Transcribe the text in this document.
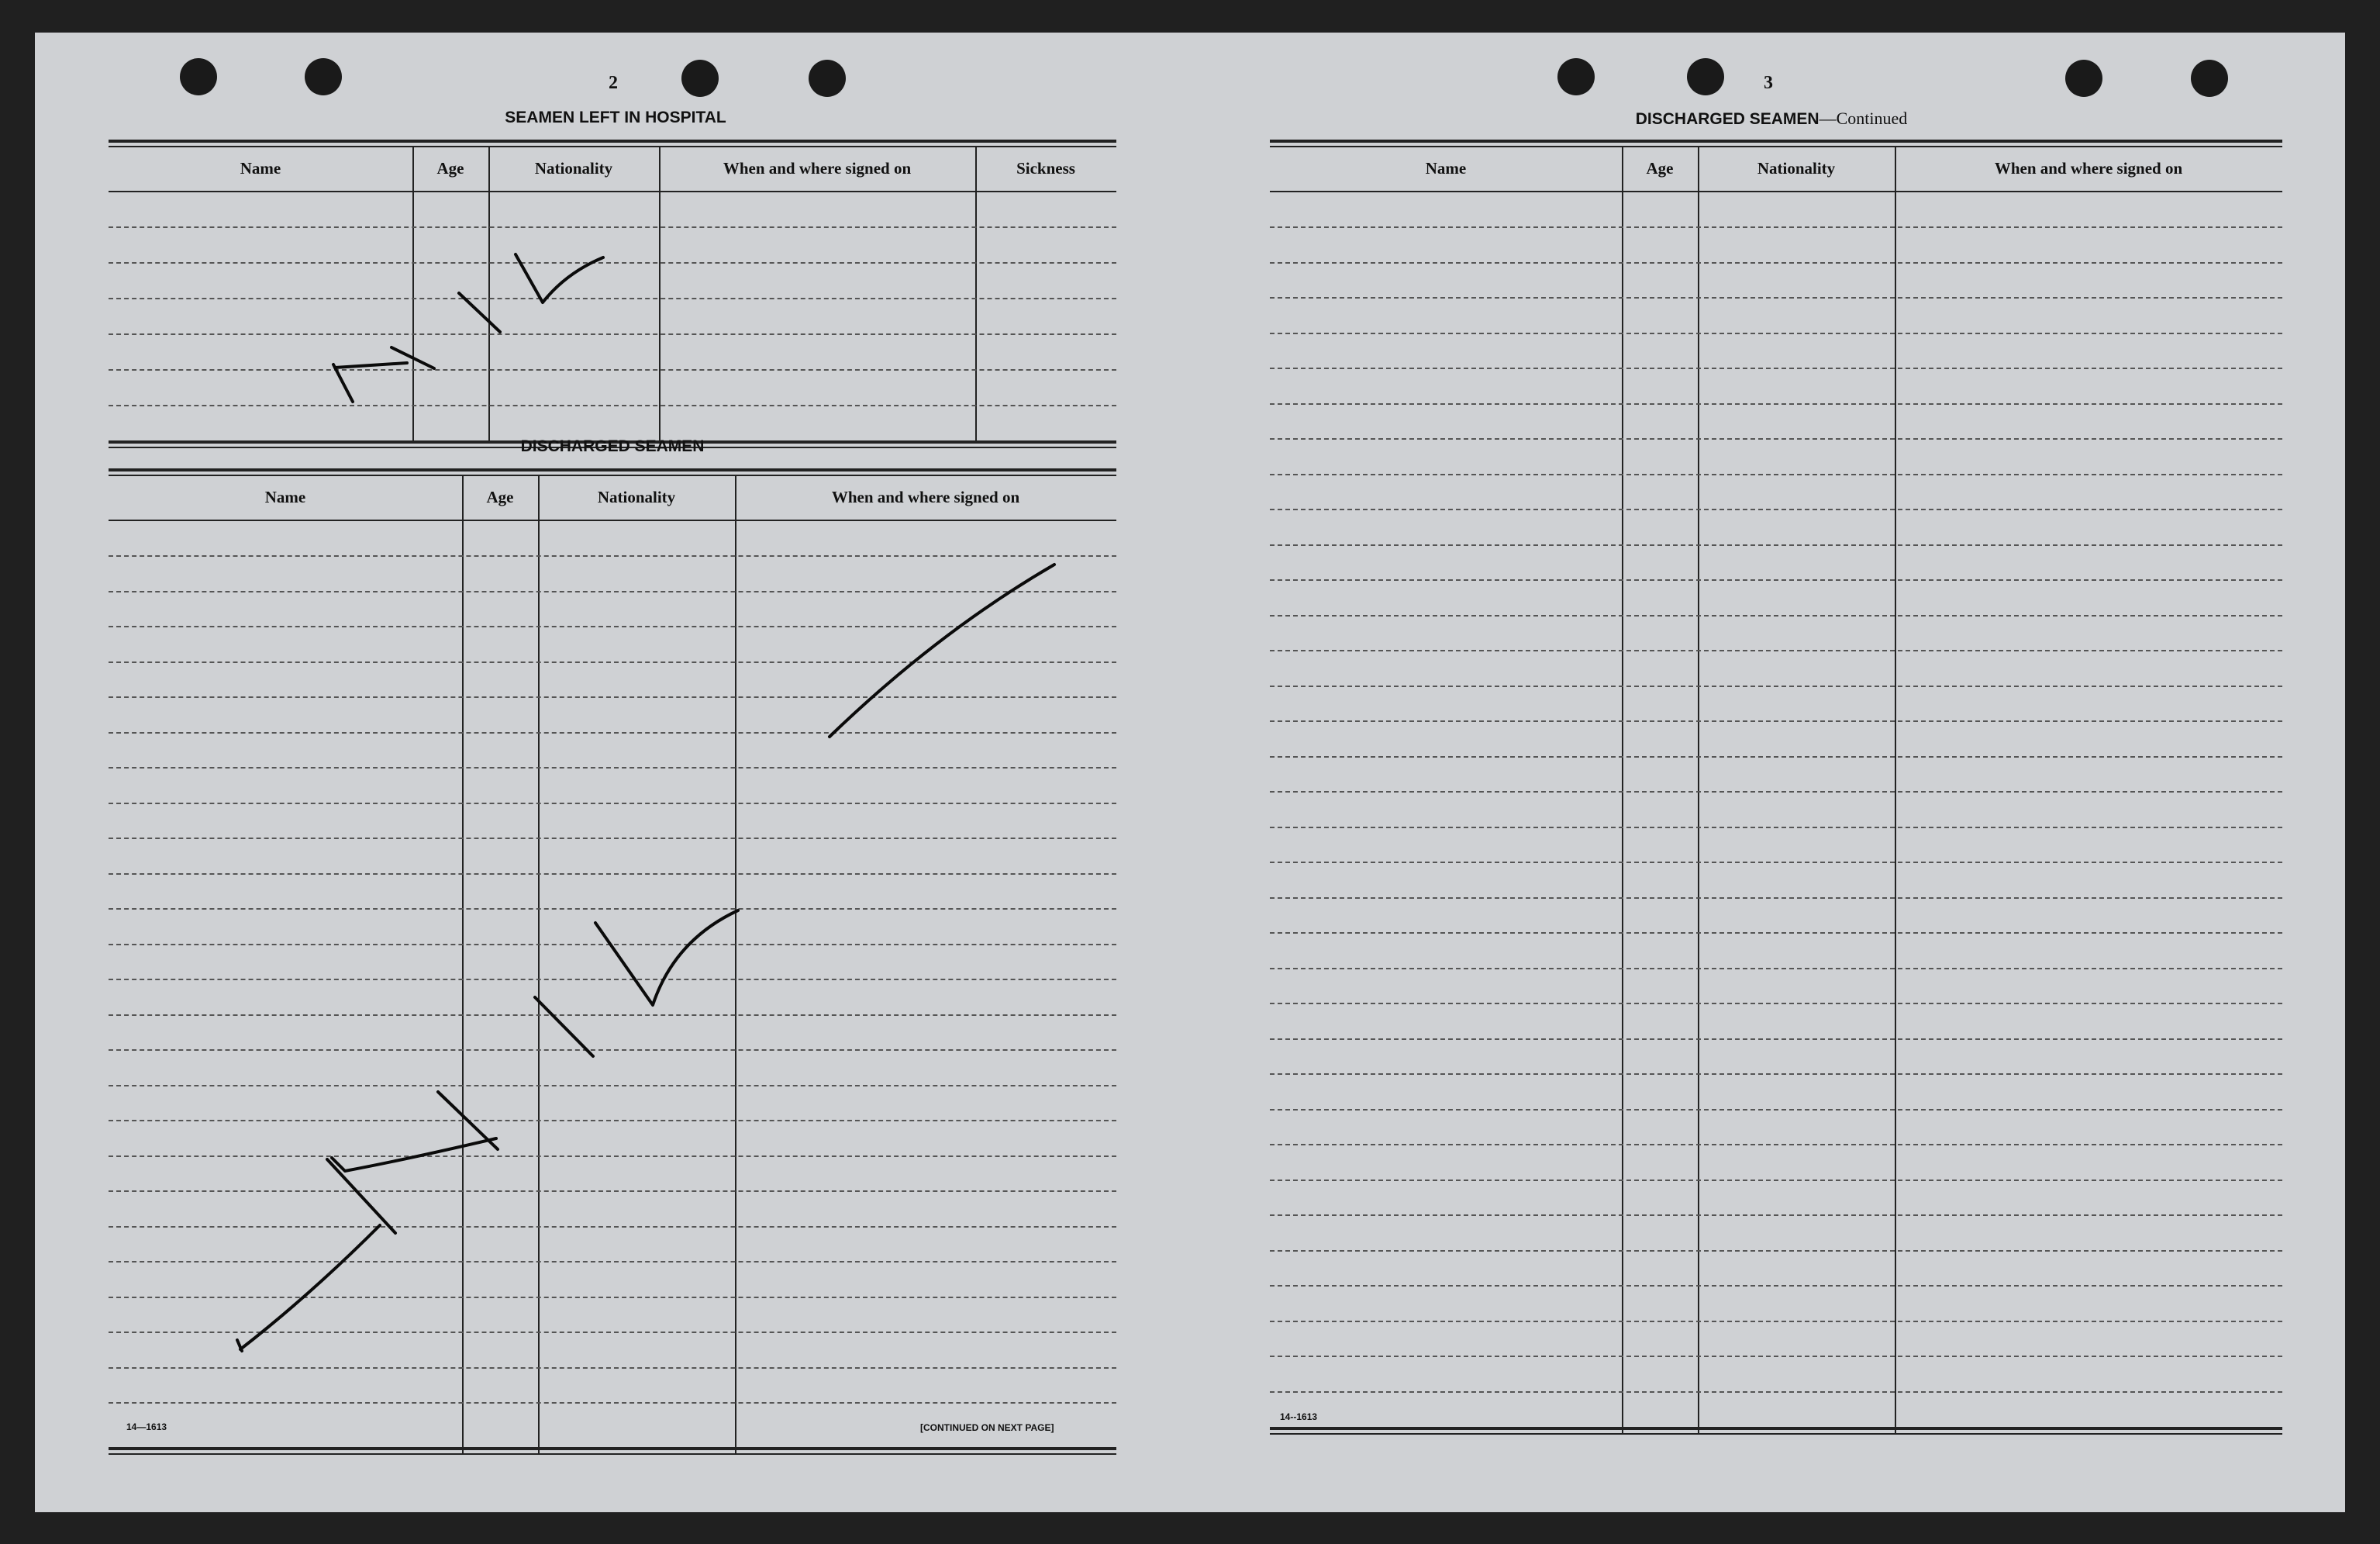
2
SEAMEN LEFT IN HOSPITAL
Name	Age	Nationality	When and where signed on	Sickness
DISCHARGED SEAMEN
Name	Age	Nationality	When and where signed on
14—1613	[CONTINUED ON NEXT PAGE]
3
DISCHARGED SEAMEN—Continued
Name	Age	Nationality	When and where signed on
14--1613
